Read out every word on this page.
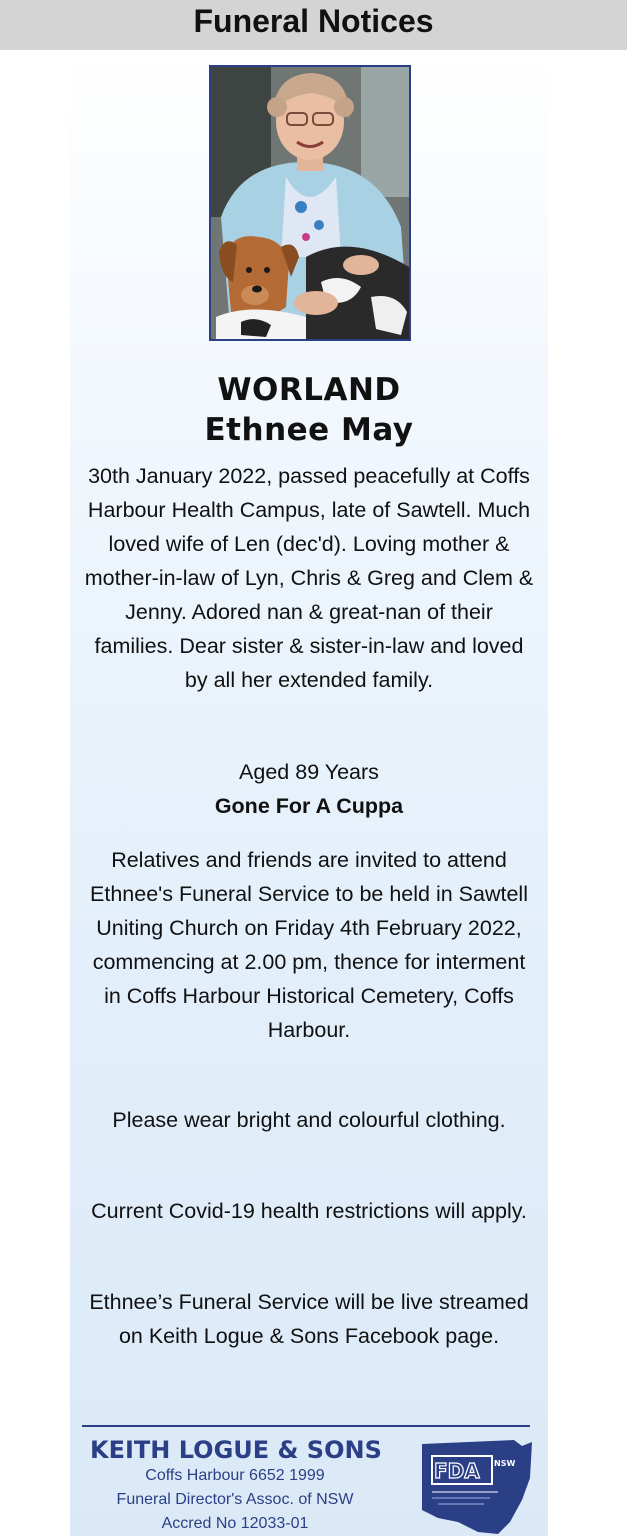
Funeral Notices
WORLAND
Ethnee May
30th January 2022, passed peacefully at Coffs Harbour Health Campus, late of Sawtell. Much loved wife of Len (dec'd). Loving mother & mother-in-law of Lyn, Chris & Greg and Clem & Jenny. Adored nan & great-nan of their families. Dear sister & sister-in-law and loved by all her extended family.
Aged 89 Years
Gone For A Cuppa
Relatives and friends are invited to attend Ethnee's Funeral Service to be held in Sawtell Uniting Church on Friday 4th February 2022, commencing at 2.00 pm, thence for interment in Coffs Harbour Historical Cemetery, Coffs Harbour.
Please wear bright and colourful clothing.
Current Covid-19 health restrictions will apply.
Ethnee’s Funeral Service will be live streamed on Keith Logue & Sons Facebook page.
KEITH LOGUE & SONS
Coffs Harbour 6652 1999
Funeral Director's Assoc. of NSW
Accred No 12033-01
FDA NSW
